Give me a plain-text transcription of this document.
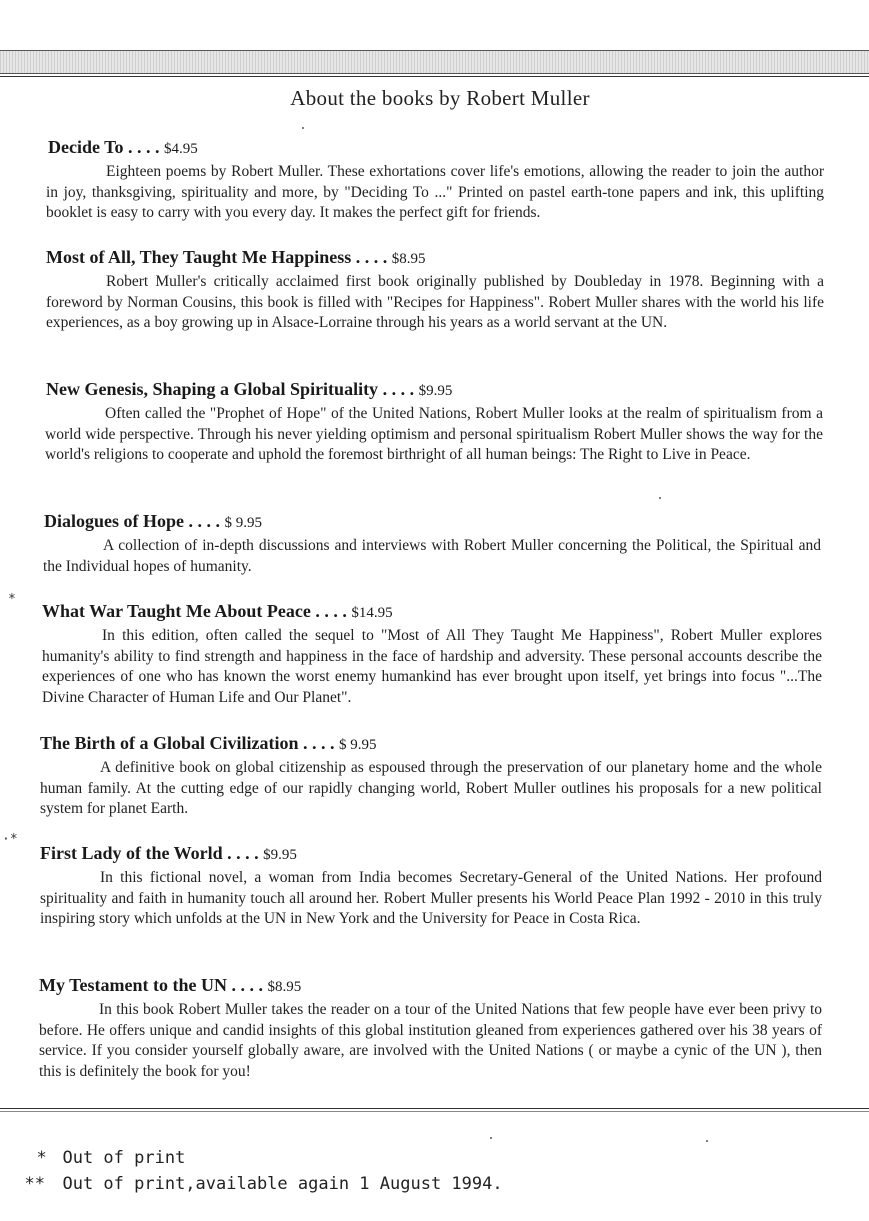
About the books by Robert Muller
Decide To . . . . $4.95

Eighteen poems by Robert Muller. These exhortations cover life's emotions, allowing the reader to join the author in joy, thanksgiving, spirituality and more, by "Deciding To ..." Printed on pastel earth-tone papers and ink, this uplifting booklet is easy to carry with you every day. It makes the perfect gift for friends.

Most of All, They Taught Me Happiness . . . . $8.95

Robert Muller's critically acclaimed first book originally published by Doubleday in 1978. Beginning with a foreword by Norman Cousins, this book is filled with "Recipes for Happiness". Robert Muller shares with the world his life experiences, as a boy growing up in Alsace-Lorraine through his years as a world servant at the UN.

New Genesis, Shaping a Global Spirituality . . . . $9.95

Often called the "Prophet of Hope" of the United Nations, Robert Muller looks at the realm of spiritualism from a world wide perspective. Through his never yielding optimism and personal spiritualism Robert Muller shows the way for the world's religions to cooperate and uphold the foremost birthright of all human beings: The Right to Live in Peace.

Dialogues of Hope . . . . $ 9.95

A collection of in-depth discussions and interviews with Robert Muller concerning the Political, the Spiritual and the Individual hopes of humanity.

*
What War Taught Me About Peace . . . . $14.95

In this edition, often called the sequel to "Most of All They Taught Me Happiness", Robert Muller explores humanity's ability to find strength and happiness in the face of hardship and adversity. These personal accounts describe the experiences of one who has known the worst enemy humankind has ever brought upon itself, yet brings into focus "...The Divine Character of Human Life and Our Planet".

The Birth of a Global Civilization . . . . $ 9.95

A definitive book on global citizenship as espoused through the preservation of our planetary home and the whole human family. At the cutting edge of our rapidly changing world, Robert Muller outlines his proposals for a new political system for planet Earth.

·*
First Lady of the World . . . . $9.95

In this fictional novel, a woman from India becomes Secretary-General of the United Nations. Her profound spirituality and faith in humanity touch all around her. Robert Muller presents his World Peace Plan 1992 - 2010 in this truly inspiring story which unfolds at the UN in New York and the University for Peace in Costa Rica.

My Testament to the UN . . . . $8.95

In this book Robert Muller takes the reader on a tour of the United Nations that few people have ever been privy to before. He offers unique and candid insights of this global institution gleaned from experiences gathered over his 38 years of service. If you consider yourself globally aware, are involved with the United Nations ( or maybe a cynic of the UN ), then this is definitely the book for you!

* Out of print

** Out of print,available again 1 August 1994.
